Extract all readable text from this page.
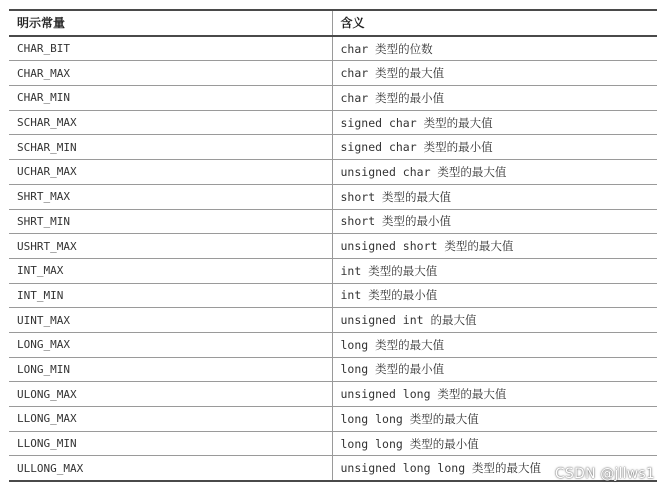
明示常量	含义
CHAR_BIT	char 类型的位数
CHAR_MAX	char 类型的最大值
CHAR_MIN	char 类型的最小值
SCHAR_MAX	signed char 类型的最大值
SCHAR_MIN	signed char 类型的最小值
UCHAR_MAX	unsigned char 类型的最大值
SHRT_MAX	short 类型的最大值
SHRT_MIN	short 类型的最小值
USHRT_MAX	unsigned short 类型的最大值
INT_MAX	int 类型的最大值
INT_MIN	int 类型的最小值
UINT_MAX	unsigned int 的最大值
LONG_MAX	long 类型的最大值
LONG_MIN	long 类型的最小值
ULONG_MAX	unsigned long 类型的最大值
LLONG_MAX	long long 类型的最大值
LLONG_MIN	long long 类型的最小值
ULLONG_MAX	unsigned long long 类型的最大值 CSDN @jllws1
